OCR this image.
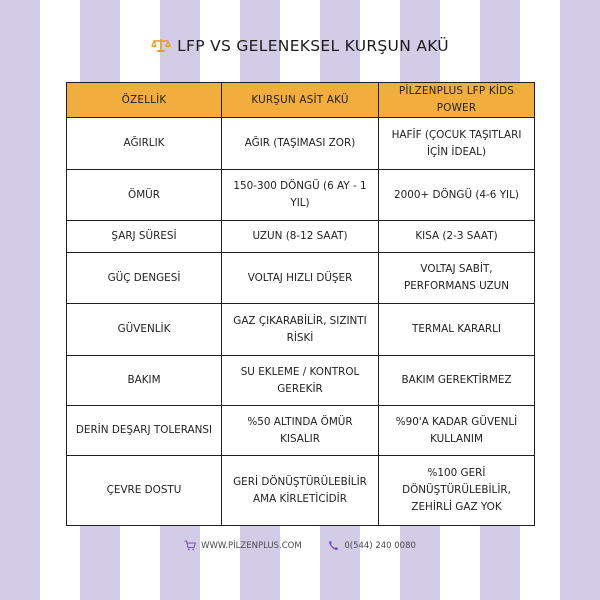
LFP VS GELENEKSEL KURŞUN AKÜ
ÖZELLİK	KURŞUN ASİT AKÜ	PİLZENPLUS LFP KİDS POWER
AĞIRLIK	AĞIR (TAŞIMASI ZOR)	HAFİF (ÇOCUK TAŞITLARI İÇİN İDEAL)
ÖMÜR	150-300 DÖNGÜ (6 AY - 1 YIL)	2000+ DÖNGÜ (4-6 YIL)
ŞARJ SÜRESİ	UZUN (8-12 SAAT)	KISA (2-3 SAAT)
GÜÇ DENGESİ	VOLTAJ HIZLI DÜŞER	VOLTAJ SABİT, PERFORMANS UZUN
GÜVENLİK	GAZ ÇIKARABİLİR, SIZINTI RİSKİ	TERMAL KARARLI
BAKIM	SU EKLEME / KONTROL GEREKİR	BAKIM GEREKTİRMEZ
DERİN DEŞARJ TOLERANSI	%50 ALTINDA ÖMÜR KISALIR	%90'A KADAR GÜVENLİ KULLANIM
ÇEVRE DOSTU	GERİ DÖNÜŞTÜRÜLEBİLİR AMA KİRLETİCİDİR	%100 GERİ DÖNÜŞTÜRÜLEBİLİR, ZEHİRLİ GAZ YOK
WWW.PİLZENPLUS.COM
	0(544) 240 0080
